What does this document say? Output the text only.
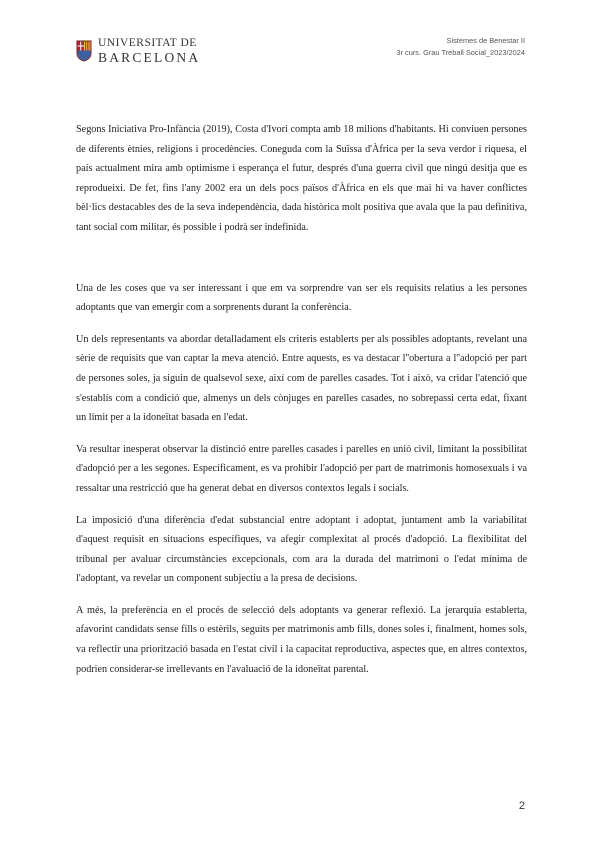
UNIVERSITAT DE
BARCELONA
Sistemes de Benestar II
3r curs. Grau Treball Social_2023/2024

Segons Iniciativa Pro-Infància (2019), Costa d'Ivori compta amb 18 milions d'habitants. Hi conviuen persones de diferents ètnies, religions i procedències. Coneguda com la Suïssa d'Àfrica per la seva verdor i riquesa, el país actualment mira amb optimisme i esperança el futur, després d'una guerra civil que ningú desitja que es reprodueixi. De fet, fins l'any 2002 era un dels pocs països d'Àfrica en els que mai hi va haver conflictes bèl·lics destacables des de la seva independència, dada històrica molt positiva que avala que la pau definitiva, tant social com militar, és possible i podrà ser indefinida.

Una de les coses que va ser interessant i que em va sorprendre van ser els requisits relatius a les persones adoptants que van emergir com a sorprenents durant la conferència.

Un dels representants va abordar detalladament els criteris establerts per als possibles adoptants, revelant una sèrie de requisits que van captar la meva atenció. Entre aquests, es va destacar l''obertura a l''adopció per part de persones soles, ja siguin de qualsevol sexe, així com de parelles casades. Tot i això, va cridar l'atenció que s'establís com a condició que, almenys un dels cònjuges en parelles casades, no sobrepassi certa edat, fixant un límit per a la idoneïtat basada en l'edat.

Va resultar inesperat observar la distinció entre parelles casades i parelles en unió civil, limitant la possibilitat d'adopció per a les segones. Específicament, es va prohibir l'adopció per part de matrimonis homosexuals i va ressaltar una restricció que ha generat debat en diversos contextos legals i socials.

La imposició d'una diferència d'edat substancial entre adoptant i adoptat, juntament amb la variabilitat d'aquest requisit en situacions específiques, va afegir complexitat al procés d'adopció. La flexibilitat del tribunal per avaluar circumstàncies excepcionals, com ara la durada del matrimoni o l'edat mínima de l'adoptant, va revelar un component subjectiu a la presa de decisions.

A més, la preferència en el procés de selecció dels adoptants va generar reflexió. La jerarquia establerta, afavorint candidats sense fills o estèrils, seguits per matrimonis amb fills, dones soles i, finalment, homes sols, va reflectir una priorització basada en l'estat civil i la capacitat reproductiva, aspectes que, en altres contextos, podrien considerar-se irrellevants en l'avaluació de la idoneïtat parental.

2
